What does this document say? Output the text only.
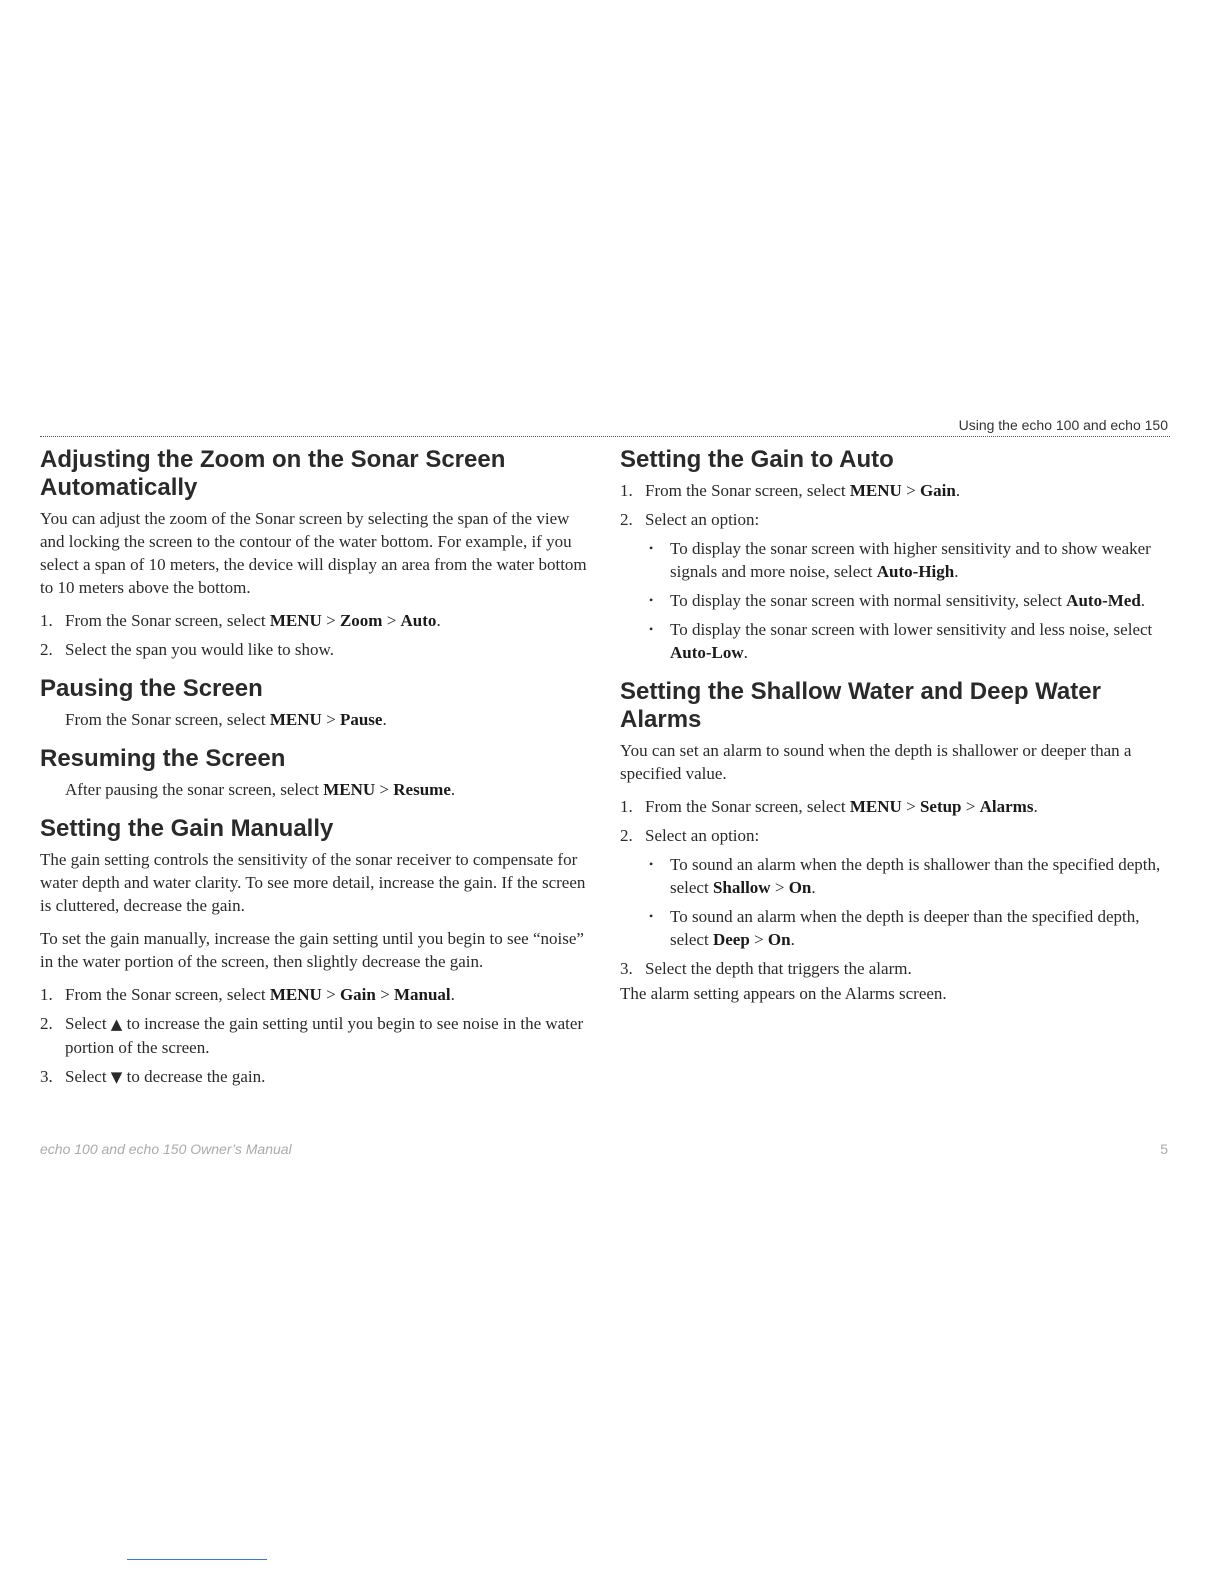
Using the echo 100 and echo 150
Adjusting the Zoom on the Sonar Screen Automatically

You can adjust the zoom of the Sonar screen by selecting the span of the view and locking the screen to the contour of the water bottom. For example, if you select a span of 10 meters, the device will display an area from the water bottom to 10 meters above the bottom.

1. From the Sonar screen, select MENU > Zoom > Auto.
2. Select the span you would like to show.
Pausing the Screen

From the Sonar screen, select MENU > Pause.

Resuming the Screen

After pausing the sonar screen, select MENU > Resume.

Setting the Gain Manually

The gain setting controls the sensitivity of the sonar receiver to compensate for water depth and water clarity. To see more detail, increase the gain. If the screen is cluttered, decrease the gain.

To set the gain manually, increase the gain setting until you begin to see “noise” in the water portion of the screen, then slightly decrease the gain.

1. From the Sonar screen, select MENU > Gain > Manual.
2. Select ▲ to increase the gain setting until you begin to see noise in the water portion of the screen.
3. Select ▼ to decrease the gain.
Setting the Gain to Auto
1. From the Sonar screen, select MENU > Gain.
2. Select an option:
• To display the sonar screen with higher sensitivity and to show weaker signals and more noise, select Auto-High.
• To display the sonar screen with normal sensitivity, select Auto-Med.
• To display the sonar screen with lower sensitivity and less noise, select Auto-Low.
Setting the Shallow Water and Deep Water Alarms

You can set an alarm to sound when the depth is shallower or deeper than a specified value.

1. From the Sonar screen, select MENU > Setup > Alarms.
2. Select an option:
• To sound an alarm when the depth is shallower than the specified depth, select Shallow > On.
• To sound an alarm when the depth is deeper than the specified depth, select Deep > On.
3. Select the depth that triggers the alarm.

The alarm setting appears on the Alarms screen.

echo 100 and echo 150 Owner’s Manual	5
